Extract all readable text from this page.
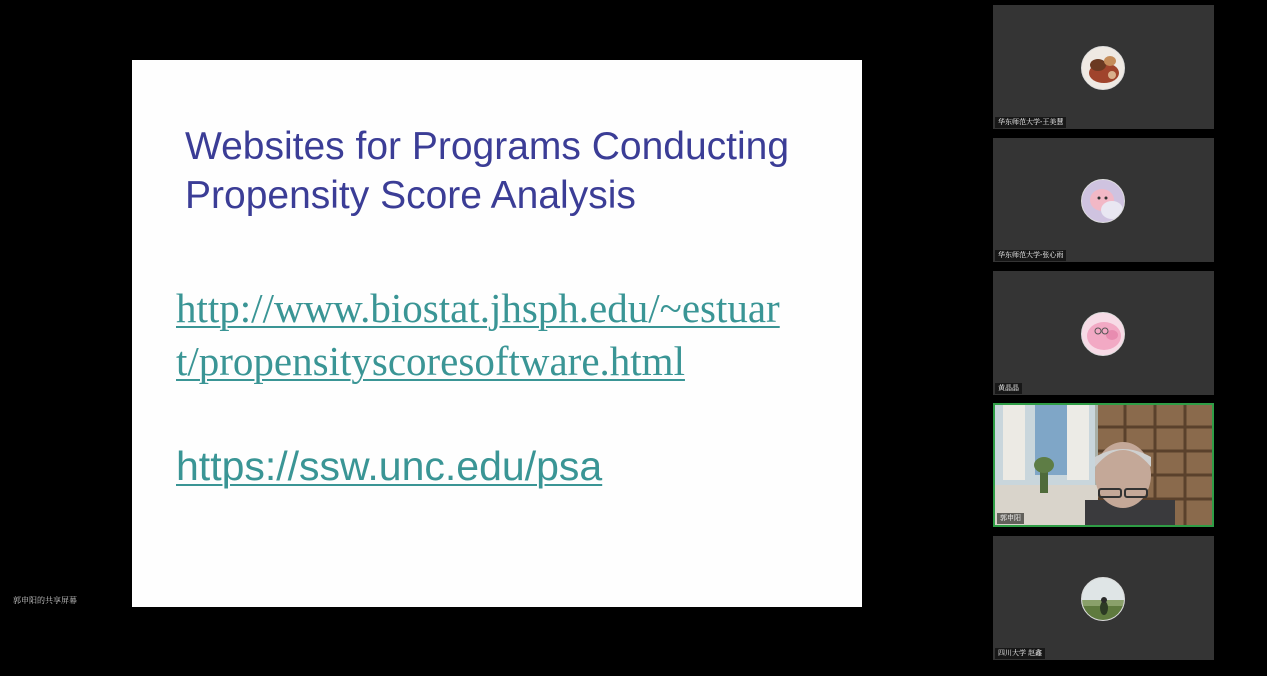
Websites for Programs Conducting
Propensity Score Analysis
http://www.biostat.jhsph.edu/~estuar
t/propensityscoresoftware.html
https://ssw.unc.edu/psa
郭申阳的共享屏幕
华东师范大学-王美慧
华东师范大学-张心雨
黄晶晶
郭申阳
四川大学 赵鑫
